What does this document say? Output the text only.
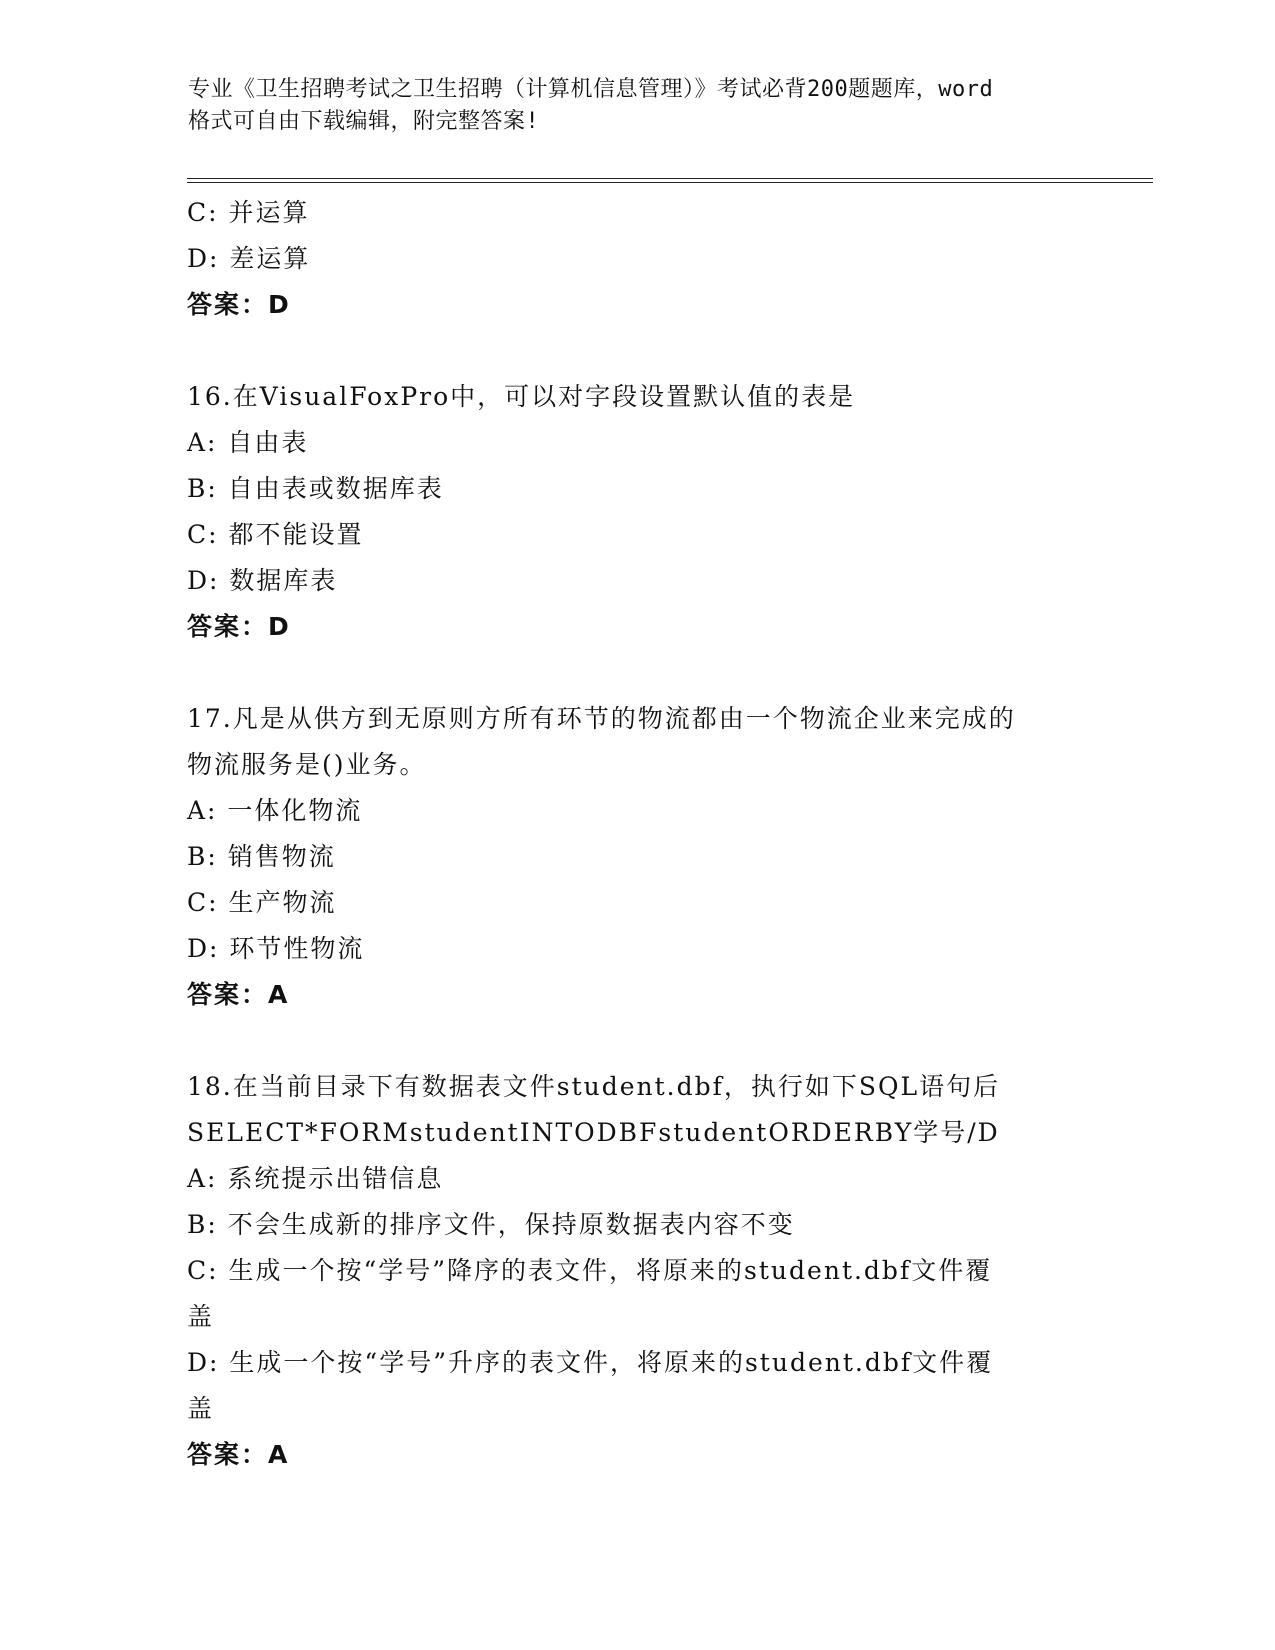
专业《卫生招聘考试之卫生招聘（计算机信息管理）》考试必背200题题库，word
格式可自由下载编辑，附完整答案!
C: 并运算
D: 差运算
答案：D
16.在VisualFoxPro中，可以对字段设置默认值的表是
A: 自由表
B: 自由表或数据库表
C: 都不能设置
D: 数据库表
答案：D
17.凡是从供方到无原则方所有环节的物流都由一个物流企业来完成的
物流服务是()业务。
A: 一体化物流
B: 销售物流
C: 生产物流
D: 环节性物流
答案：A
18.在当前目录下有数据表文件student.dbf，执行如下SQL语句后
SELECT*FORMstudentINTODBFstudentORDERBY学号/D
A: 系统提示出错信息
B: 不会生成新的排序文件，保持原数据表内容不变
C: 生成一个按“学号”降序的表文件，将原来的student.dbf文件覆
盖
D: 生成一个按“学号”升序的表文件，将原来的student.dbf文件覆
盖
答案：A
